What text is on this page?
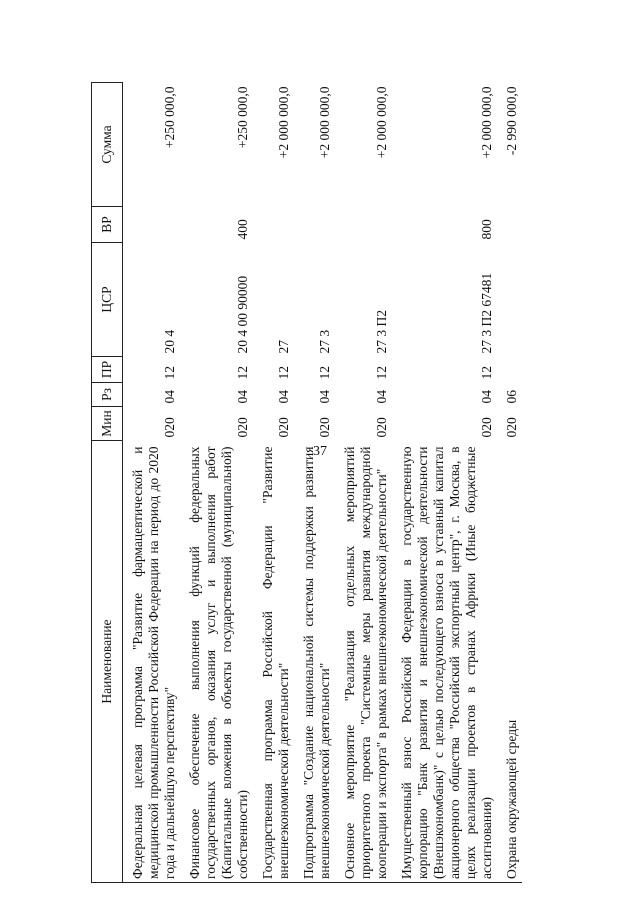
37
Наименование	Мин	Рз	ПР	ЦСР	ВР	Сумма
Федеральная целевая программа "Развитие фармацевтической и медицинской промышленности Российской Федерации на период до 2020 года и дальнейшую перспективу"	020	04	12	20 4		+250 000,0
Финансовое обеспечение выполнения функций федеральных государственных органов, оказания услуг и выполнения работ (Капитальные вложения в объекты государственной (муниципальной) собственности)	020	04	12	20 4 00 90000	400	+250 000,0
Государственная программа Российской Федерации "Развитие внешнеэкономической деятельности"	020	04	12	27		+2 000 000,0
Подпрограмма "Создание национальной системы поддержки развития внешнеэкономической деятельности"	020	04	12	27 3		+2 000 000,0
Основное мероприятие "Реализация отдельных мероприятий приоритетного проекта "Системные меры развития международной кооперации и экспорта" в рамках внешнеэкономической деятельности"	020	04	12	27 3 П2		+2 000 000,0
Имущественный взнос Российской Федерации в государственную корпорацию "Банк развития и внешнеэкономической деятельности (Внешэкономбанк)" с целью последующего взноса в уставный капитал акционерного общества "Российский экспортный центр", г. Москва, в целях реализации проектов в странах Африки (Иные бюджетные ассигнования)	020	04	12	27 3 П2 67481	800	+2 000 000,0
Охрана окружающей среды	020	06				-2 990 000,0
